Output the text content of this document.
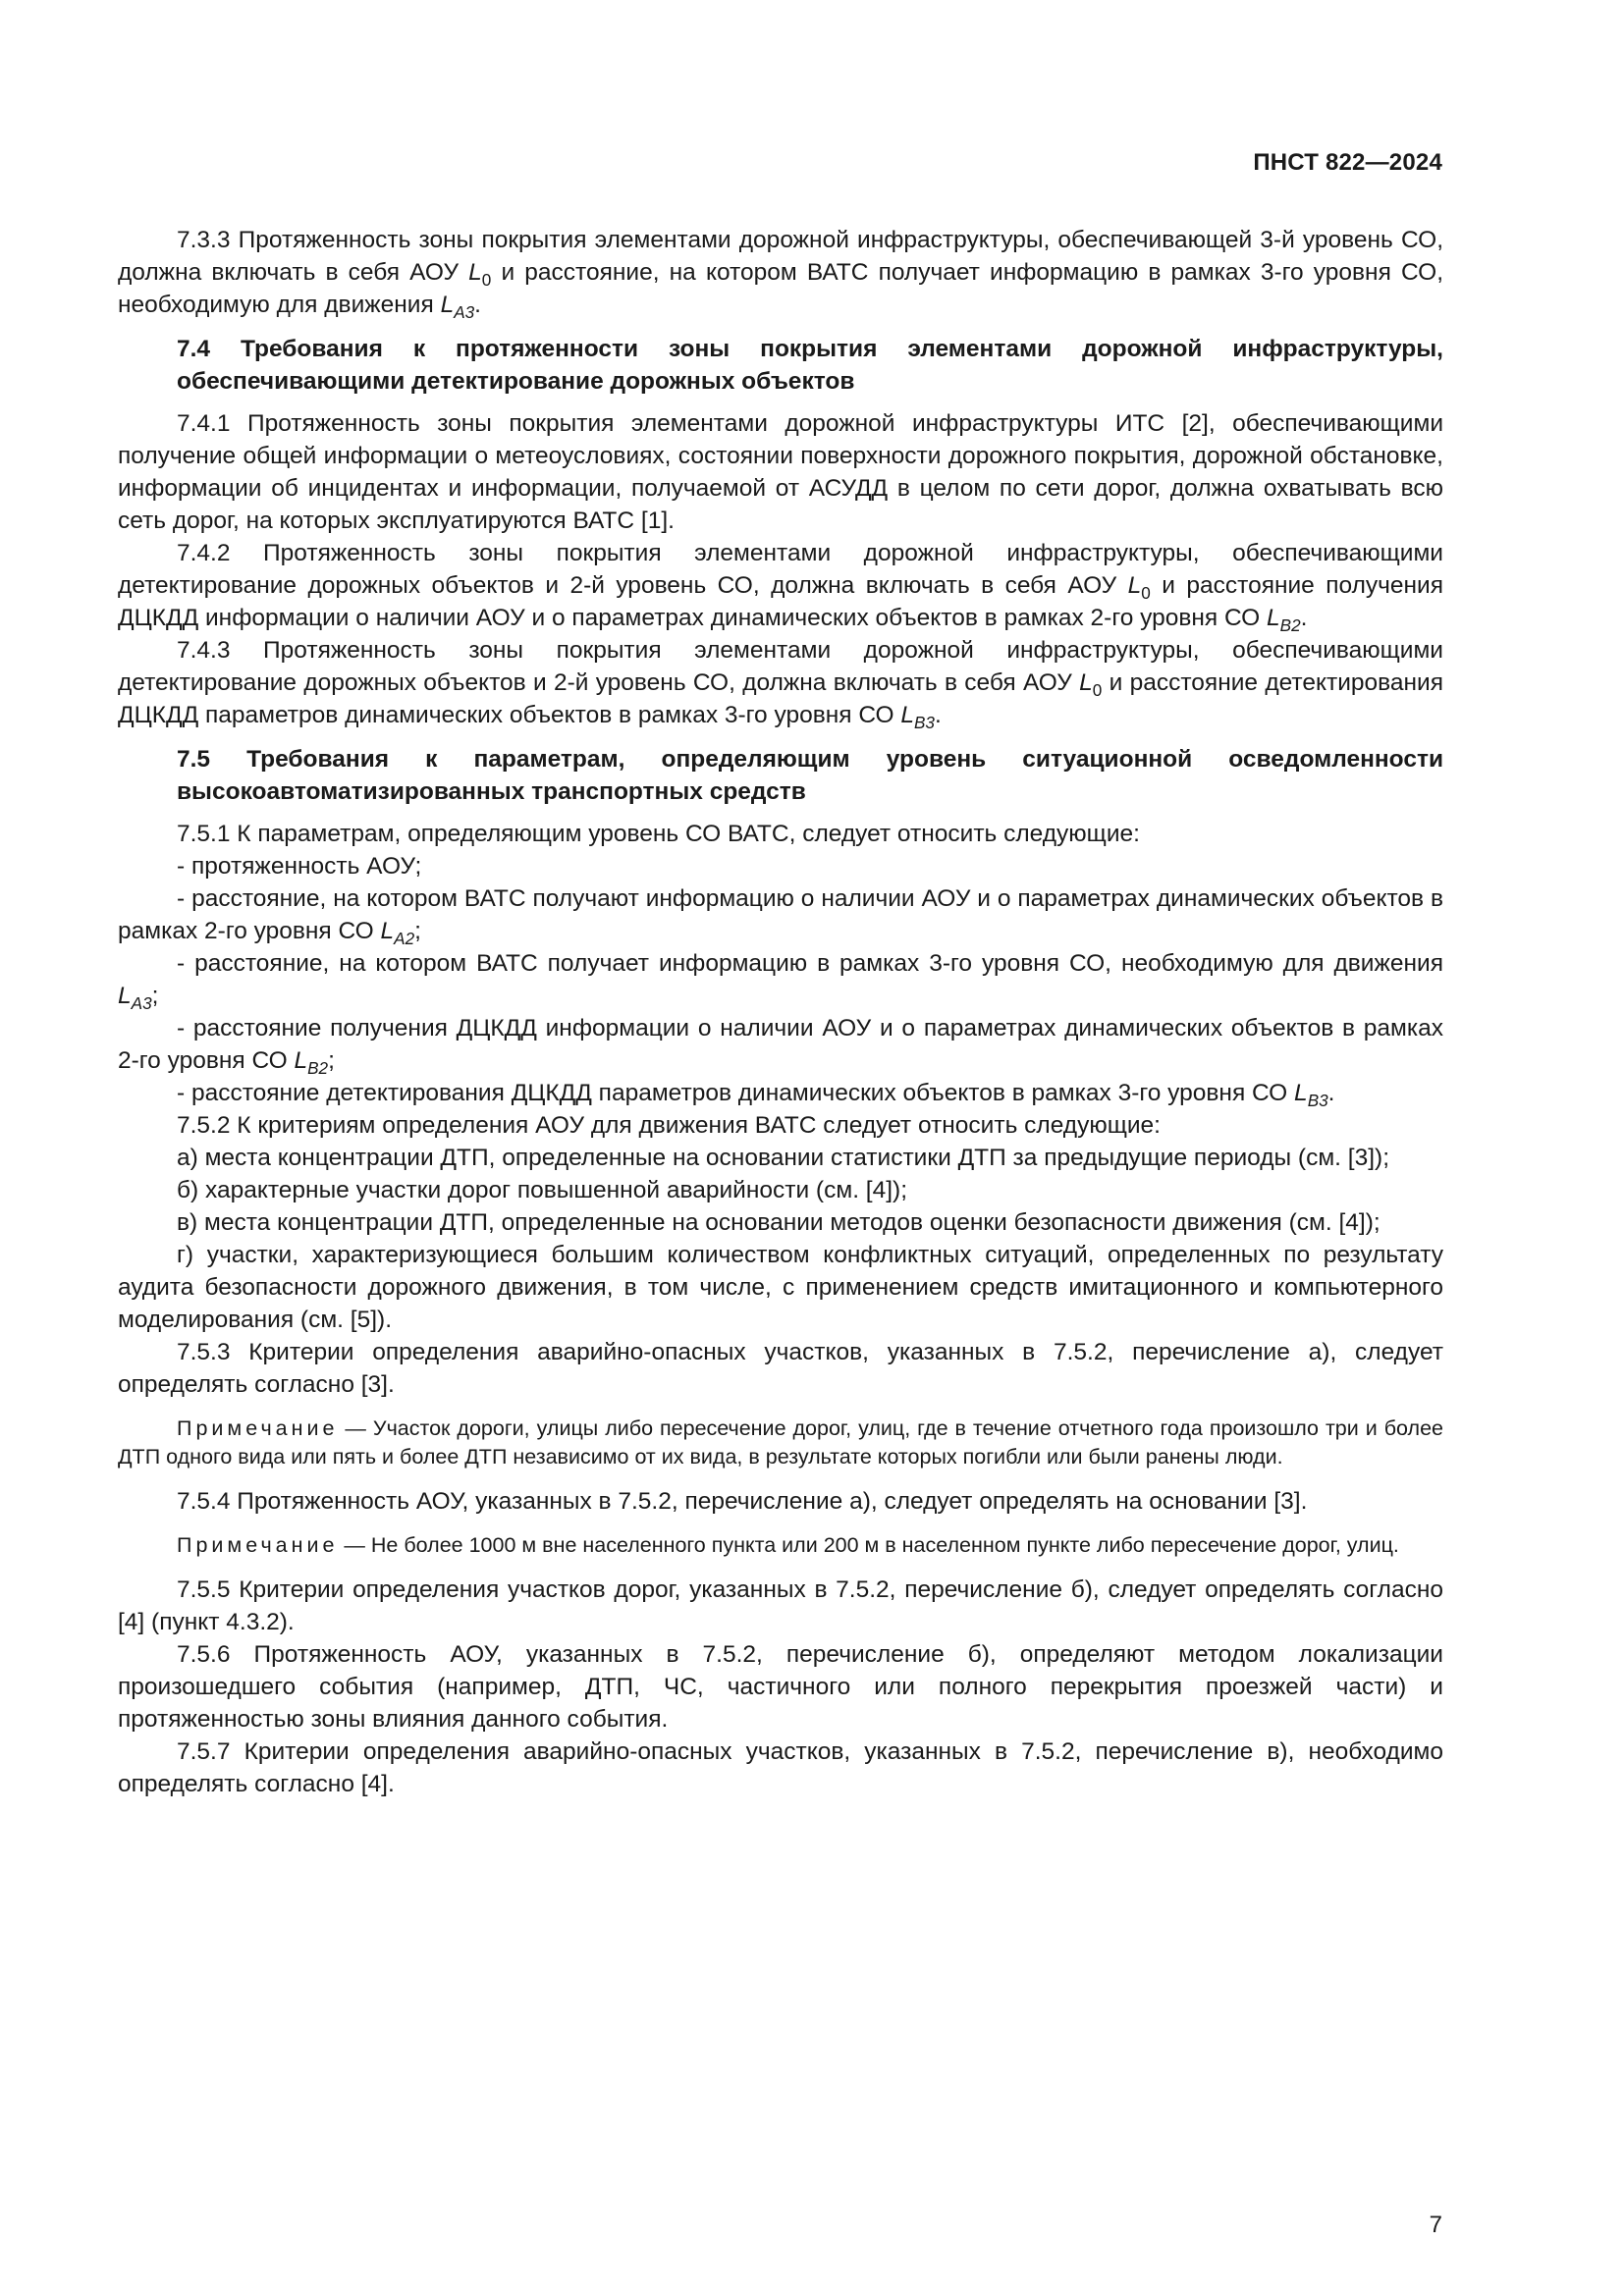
ПНСТ 822—2024

7.3.3 Протяженность зоны покрытия элементами дорожной инфраструктуры, обеспечивающей 3-й уровень СО, должна включать в себя АОУ $L_0$ и расстояние, на котором ВАТС получает информацию в рамках 3-го уровня СО, необходимую для движения $L_{A3}$.

7.4 Требования к протяженности зоны покрытия элементами дорожной инфраструктуры, обеспечивающими детектирование дорожных объектов

7.4.1 Протяженность зоны покрытия элементами дорожной инфраструктуры ИТС [2], обеспечивающими получение общей информации о метеоусловиях, состоянии поверхности дорожного покрытия, дорожной обстановке, информации об инцидентах и информации, получаемой от АСУДД в целом по сети дорог, должна охватывать всю сеть дорог, на которых эксплуатируются ВАТС [1].

7.4.2 Протяженность зоны покрытия элементами дорожной инфраструктуры, обеспечивающими детектирование дорожных объектов и 2-й уровень СО, должна включать в себя АОУ $L_0$ и расстояние получения ДЦКДД информации о наличии АОУ и о параметрах динамических объектов в рамках 2-го уровня СО $L_{B2}$.

7.4.3 Протяженность зоны покрытия элементами дорожной инфраструктуры, обеспечивающими детектирование дорожных объектов и 2-й уровень СО, должна включать в себя АОУ $L_0$ и расстояние детектирования ДЦКДД параметров динамических объектов в рамках 3-го уровня СО $L_{B3}$.

7.5 Требования к параметрам, определяющим уровень ситуационной осведомленности высокоавтоматизированных транспортных средств

7.5.1 К параметрам, определяющим уровень СО ВАТС, следует относить следующие:

- протяженность АОУ;

- расстояние, на котором ВАТС получают информацию о наличии АОУ и о параметрах динамических объектов в рамках 2-го уровня СО $L_{A2}$;

- расстояние, на котором ВАТС получает информацию в рамках 3-го уровня СО, необходимую для движения $L_{A3}$;

- расстояние получения ДЦКДД информации о наличии АОУ и о параметрах динамических объектов в рамках 2-го уровня СО $L_{B2}$;

- расстояние детектирования ДЦКДД параметров динамических объектов в рамках 3-го уровня СО $L_{B3}$.

7.5.2 К критериям определения АОУ для движения ВАТС следует относить следующие:

а) места концентрации ДТП, определенные на основании статистики ДТП за предыдущие периоды (см. [3]);

б) характерные участки дорог повышенной аварийности (см. [4]);

в) места концентрации ДТП, определенные на основании методов оценки безопасности движения (см. [4]);

г) участки, характеризующиеся большим количеством конфликтных ситуаций, определенных по результату аудита безопасности дорожного движения, в том числе, с применением средств имитационного и компьютерного моделирования (см. [5]).

7.5.3 Критерии определения аварийно-опасных участков, указанных в 7.5.2, перечисление а), следует определять согласно [3].

Примечание — Участок дороги, улицы либо пересечение дорог, улиц, где в течение отчетного года произошло три и более ДТП одного вида или пять и более ДТП независимо от их вида, в результате которых погибли или были ранены люди.

7.5.4 Протяженность АОУ, указанных в 7.5.2, перечисление а), следует определять на основании [3].

Примечание — Не более 1000 м вне населенного пункта или 200 м в населенном пункте либо пересечение дорог, улиц.

7.5.5 Критерии определения участков дорог, указанных в 7.5.2, перечисление б), следует определять согласно [4] (пункт 4.3.2).

7.5.6 Протяженность АОУ, указанных в 7.5.2, перечисление б), определяют методом локализации произошедшего события (например, ДТП, ЧС, частичного или полного перекрытия проезжей части) и протяженностью зоны влияния данного события.

7.5.7 Критерии определения аварийно-опасных участков, указанных в 7.5.2, перечисление в), необходимо определять согласно [4].

7
